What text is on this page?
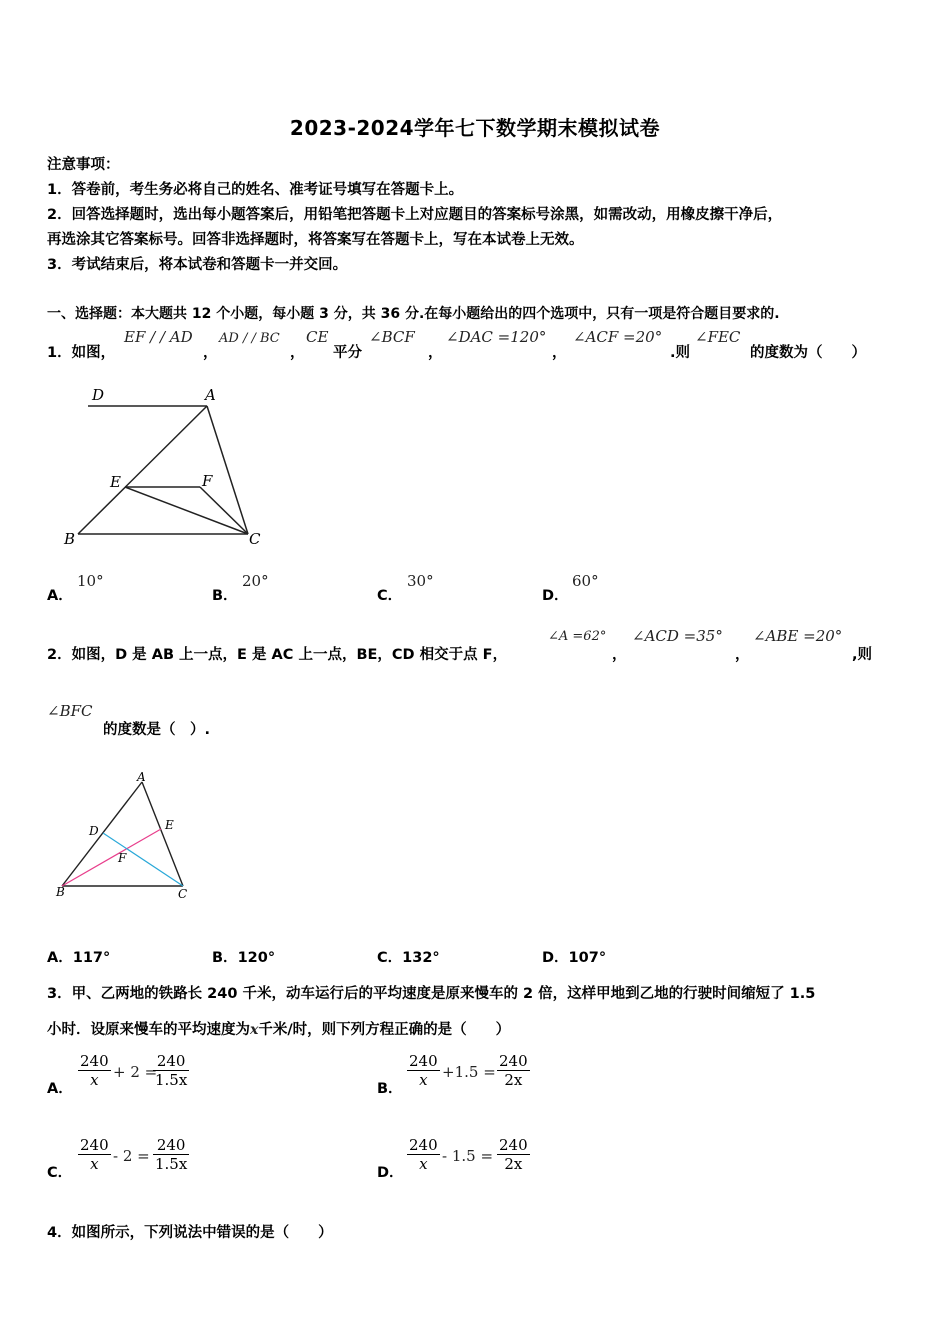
2023-2024学年七下数学期末模拟试卷
注意事项：
1．答卷前，考生务必将自己的姓名、准考证号填写在答题卡上。
2．回答选择题时，选出每小题答案后，用铅笔把答题卡上对应题目的答案标号涂黑，如需改动，用橡皮擦干净后，
再选涂其它答案标号。回答非选择题时，将答案写在答题卡上，写在本试卷上无效。
3．考试结束后，将本试卷和答题卡一并交回。
一、选择题：本大题共 12 个小题，每小题 3 分，共 36 分.在每小题给出的四个选项中，只有一项是符合题目要求的.
1．如图，
EF / / AD
，
AD / / BC
，
CE
平分
∠BCF
，
∠DAC =120°
，
∠ACF =20°
.则
∠FEC
的度数为（　　）
D	A
E	F
B	C
A．
10°
B．
20°
C．
30°
D．
60°
2．如图，D 是 AB 上一点，E 是 AC 上一点，BE，CD 相交于点 F，
∠A =62°
，
∠ACD =35°
，
∠ABE =20°
,则
∠BFC
的度数是（　）.
A
B	C
D	E
F
A．117°	B．120°	C．132°	D．107°
3．甲、乙两地的铁路长 240 千米，动车运行后的平均速度是原来慢车的 2 倍，这样甲地到乙地的行驶时间缩短了 1.5
小时．设原来慢车的平均速度为x千米/时，则下列方程正确的是（　　）
A． $\frac{240}{x} + 2$ =
$\frac{240}{1.5x}$	B． $\frac{240}{x} +1.5 = \frac{240}{2x}$
C． $\frac{240}{x} - 2 = \frac{240}{1.5x}$	D． $\frac{240}{x} - 1.5 = \frac{240}{2x}$
4．如图所示，下列说法中错误的是（　　）
